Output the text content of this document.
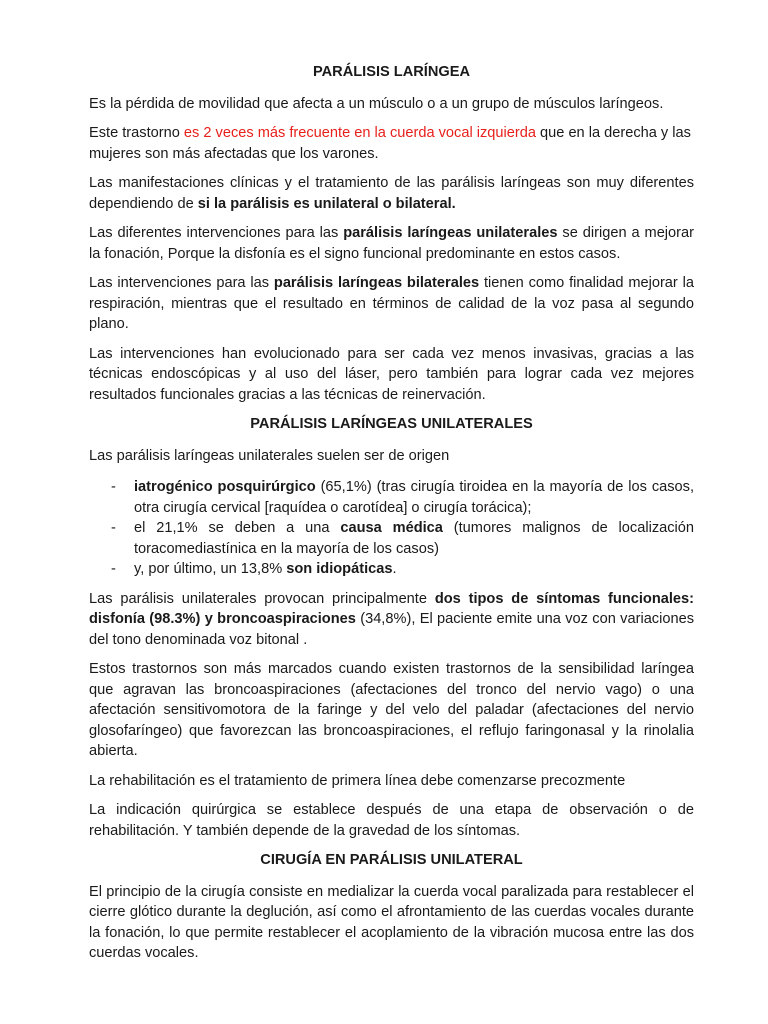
PARÁLISIS LARÍNGEA

Es la pérdida de movilidad que afecta a un músculo o a un grupo de músculos laríngeos.

Este trastorno es 2 veces más frecuente en la cuerda vocal izquierda que en la derecha y las mujeres son más afectadas que los varones.

Las manifestaciones clínicas y el tratamiento de las parálisis laríngeas son muy diferentes dependiendo de si la parálisis es unilateral o bilateral.

Las diferentes intervenciones para las parálisis laríngeas unilaterales se dirigen a mejorar la fonación, Porque la disfonía es el signo funcional predominante en estos casos.

Las intervenciones para las parálisis laríngeas bilaterales tienen como finalidad mejorar la respiración, mientras que el resultado en términos de calidad de la voz pasa al segundo plano.

Las intervenciones han evolucionado para ser cada vez menos invasivas, gracias a las técnicas endoscópicas y al uso del láser, pero también para lograr cada vez mejores resultados funcionales gracias a las técnicas de reinervación.

PARÁLISIS LARÍNGEAS UNILATERALES

Las parálisis laríngeas unilaterales suelen ser de origen

- iatrogénico posquirúrgico (65,1%) (tras cirugía tiroidea en la mayoría de los casos, otra cirugía cervical [raquídea o carotídea] o cirugía torácica);
- el 21,1% se deben a una causa médica (tumores malignos de localización toracomediastínica en la mayoría de los casos)
- y, por último, un 13,8% son idiopáticas.

Las parálisis unilaterales provocan principalmente dos tipos de síntomas funcionales: disfonía (98.3%) y broncoaspiraciones (34,8%), El paciente emite una voz con variaciones del tono denominada voz bitonal .

Estos trastornos son más marcados cuando existen trastornos de la sensibilidad laríngea que agravan las broncoaspiraciones (afectaciones del tronco del nervio vago) o una afectación sensitivomotora de la faringe y del velo del paladar (afectaciones del nervio glosofaríngeo) que favorezcan las broncoaspiraciones, el reflujo faringonasal y la rinolalia abierta.

La rehabilitación es el tratamiento de primera línea debe comenzarse precozmente

La indicación quirúrgica se establece después de una etapa de observación o de rehabilitación. Y también depende de la gravedad de los síntomas.

CIRUGÍA EN PARÁLISIS UNILATERAL

El principio de la cirugía consiste en medializar la cuerda vocal paralizada para restablecer el cierre glótico durante la deglución, así como el afrontamiento de las cuerdas vocales durante la fonación, lo que permite restablecer el acoplamiento de la vibración mucosa entre las dos cuerdas vocales.
